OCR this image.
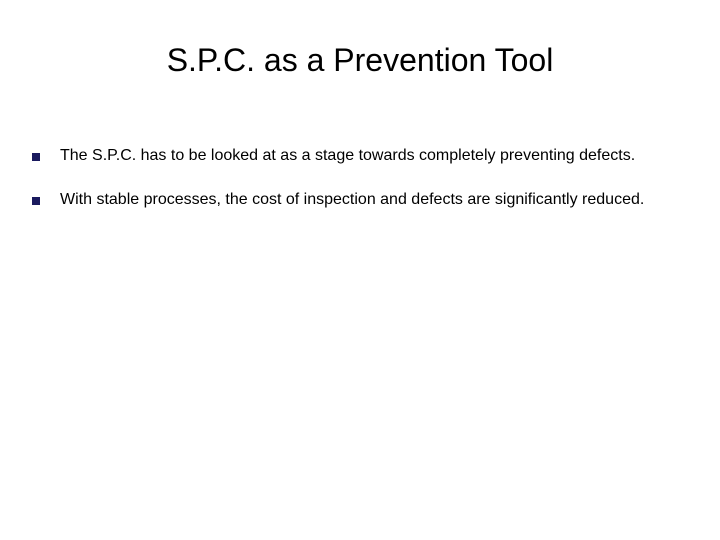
S.P.C. as a Prevention Tool
The S.P.C. has to be looked at as a stage towards completely preventing defects.
With stable processes, the cost of inspection and defects are significantly reduced.
